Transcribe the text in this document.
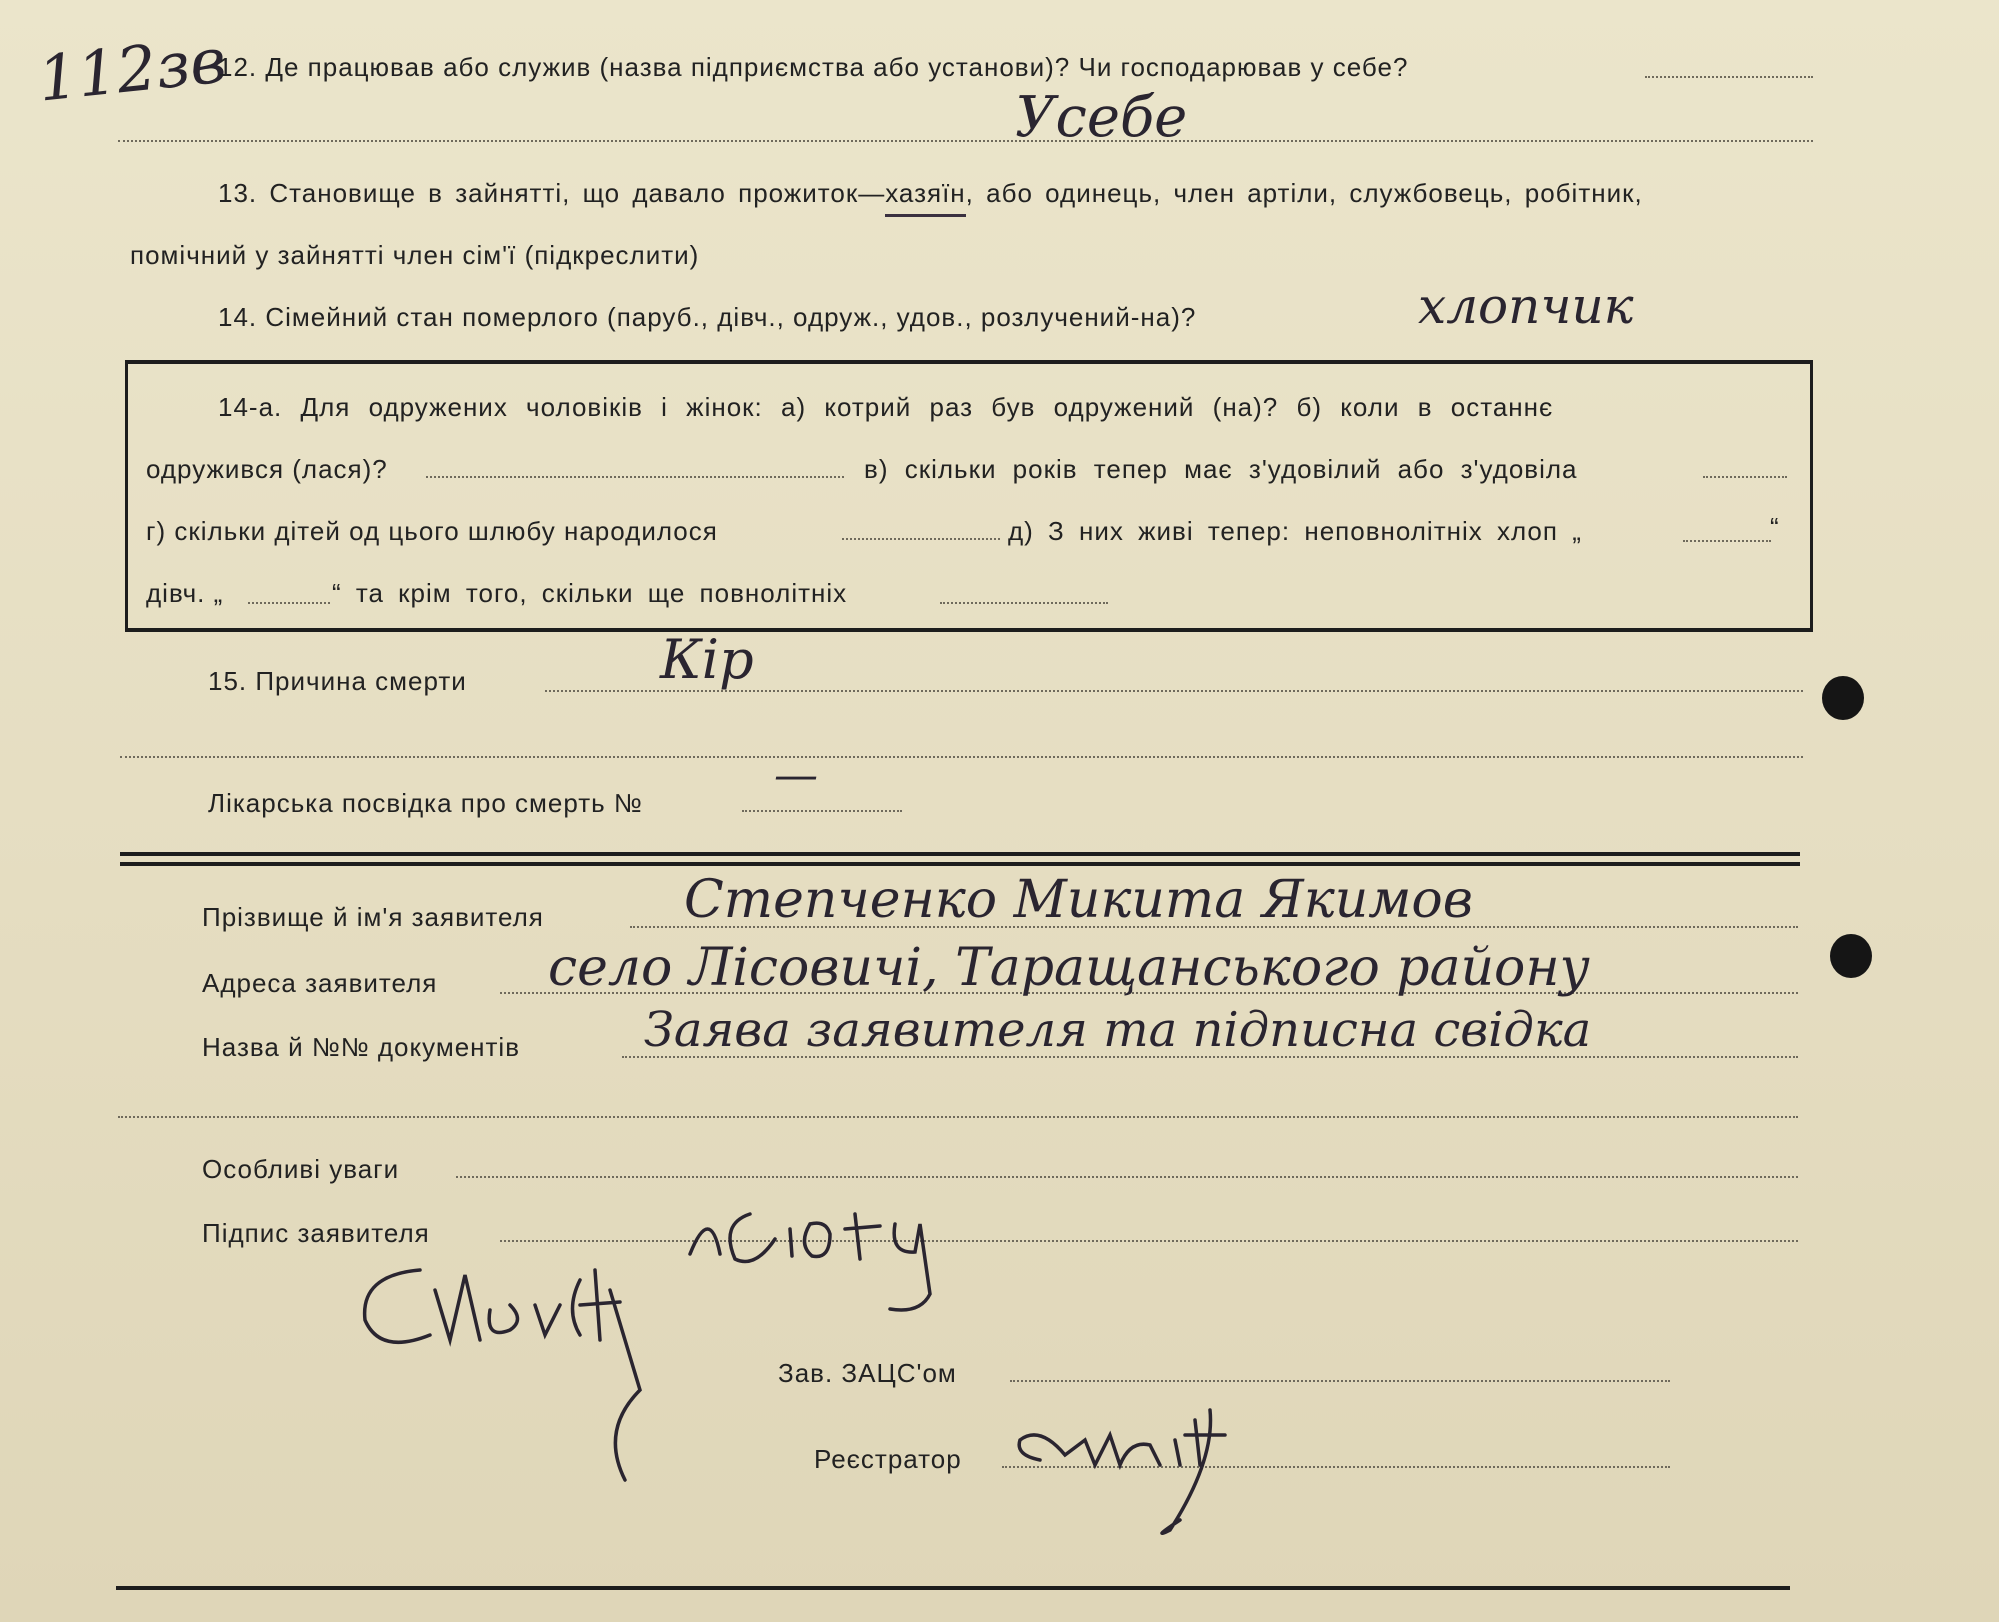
112зв
12. Де працював або служив (назва підприємства або установи)? Чи господарював у себе?
Усебе
13. Становище в зайнятті, що давало прожиток—хазяїн, або одинець, член артіли, службовець, робітник,
помічний у зайнятті член сім'ї (підкреслити)
14. Сімейний стан померлого (паруб., дівч., одруж., удов., розлучений-на)?	хлопчик
14-а. Для одружених чоловіків і жінок: а) котрий раз був одружений (на)? б) коли в останнє
одружився (лася)?	в) скільки років тепер має з'удовілий або з'удовіла
г) скільки дітей од цього шлюбу народилося	д) З них живі тепер: неповнолітніх хлоп „	“
дівч. „	“ та крім того, скільки ще повнолітніх
15. Причина смерти	Кір
Лікарська посвідка про смерть №
—
Прізвище й ім'я заявителя	Степченко Микита Якимов
Адреса заявителя село Лісовичі, Таращанського району
Назва й №№ документів	Заява заявителя та підписна свідка
Особливі уваги
Підпис заявителя
Зав. ЗАЦС'ом
Реєстратор
